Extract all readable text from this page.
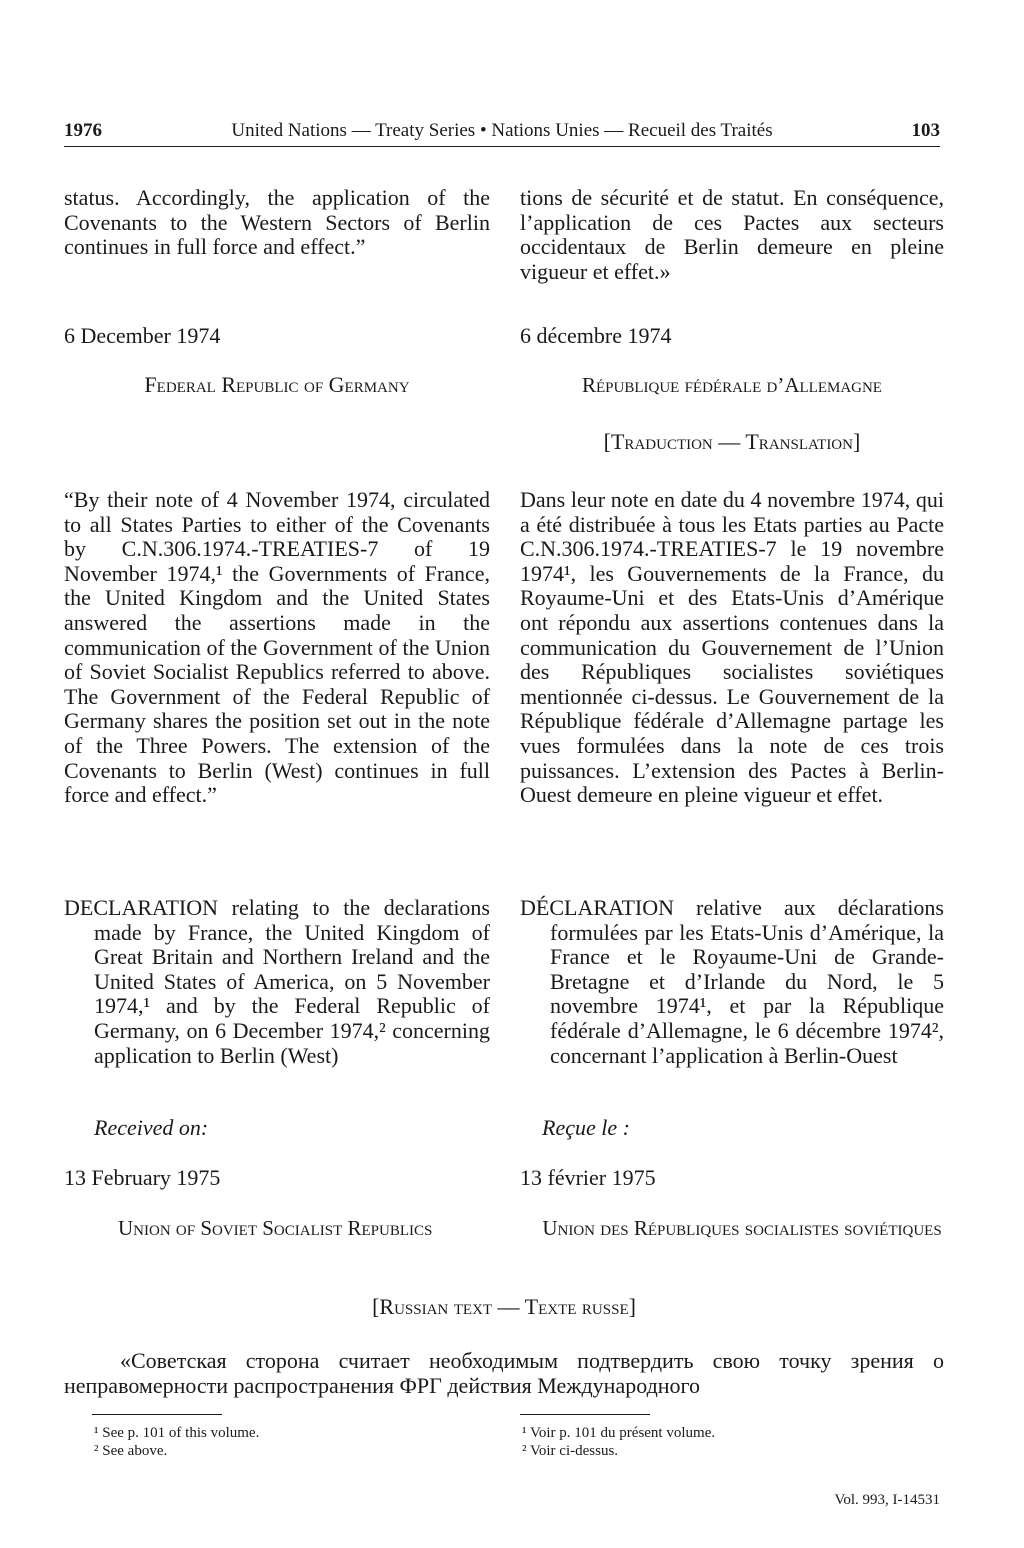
1976	United Nations — Treaty Series • Nations Unies — Recueil des Traités	103
status. Accordingly, the application of the Covenants to the Western Sectors of Berlin continues in full force and effect.”
6 December 1974
Federal Republic of Germany
“By their note of 4 November 1974, circulated to all States Parties to either of the Covenants by C.N.306.1974.-TREATIES-7 of 19 November 1974,¹ the Governments of France, the United Kingdom and the United States answered the assertions made in the communication of the Government of the Union of Soviet Socialist Republics referred to above. The Government of the Federal Republic of Germany shares the position set out in the note of the Three Powers. The extension of the Covenants to Berlin (West) continues in full force and effect.”
DECLARATION relating to the declarations made by France, the United Kingdom of Great Britain and Northern Ireland and the United States of America, on 5 November 1974,¹ and by the Federal Republic of Germany, on 6 December 1974,² concerning application to Berlin (West)
Received on:
13 February 1975
Union of Soviet Socialist Republics
tions de sécurité et de statut. En conséquence, l’application de ces Pactes aux secteurs occidentaux de Berlin demeure en pleine vigueur et effet.»
6 décembre 1974
République fédérale d’Allemagne
[Traduction — Translation]
Dans leur note en date du 4 novembre 1974, qui a été distribuée à tous les Etats parties au Pacte C.N.306.1974.-TREATIES-7 le 19 novembre 1974¹, les Gouvernements de la France, du Royaume-Uni et des Etats-Unis d’Amérique ont répondu aux assertions contenues dans la communication du Gouvernement de l’Union des Républiques socialistes soviétiques mentionnée ci-dessus. Le Gouvernement de la République fédérale d’Allemagne partage les vues formulées dans la note de ces trois puissances. L’extension des Pactes à Berlin-Ouest demeure en pleine vigueur et effet.
DÉCLARATION relative aux déclarations formulées par les Etats-Unis d’Amérique, la France et le Royaume-Uni de Grande-Bretagne et d’Irlande du Nord, le 5 novembre 1974¹, et par la République fédérale d’Allemagne, le 6 décembre 1974², concernant l’application à Berlin-Ouest
Reçue le :
13 février 1975
Union des Républiques socialistes soviétiques
[Russian text — Texte russe]
«Советская сторона считает необходимым подтвердить свою точку зрения о неправомерности распространения ФРГ действия Международного
¹ See p. 101 of this volume.
² See above.
¹ Voir p. 101 du présent volume.
² Voir ci-dessus.
Vol. 993, I-14531
